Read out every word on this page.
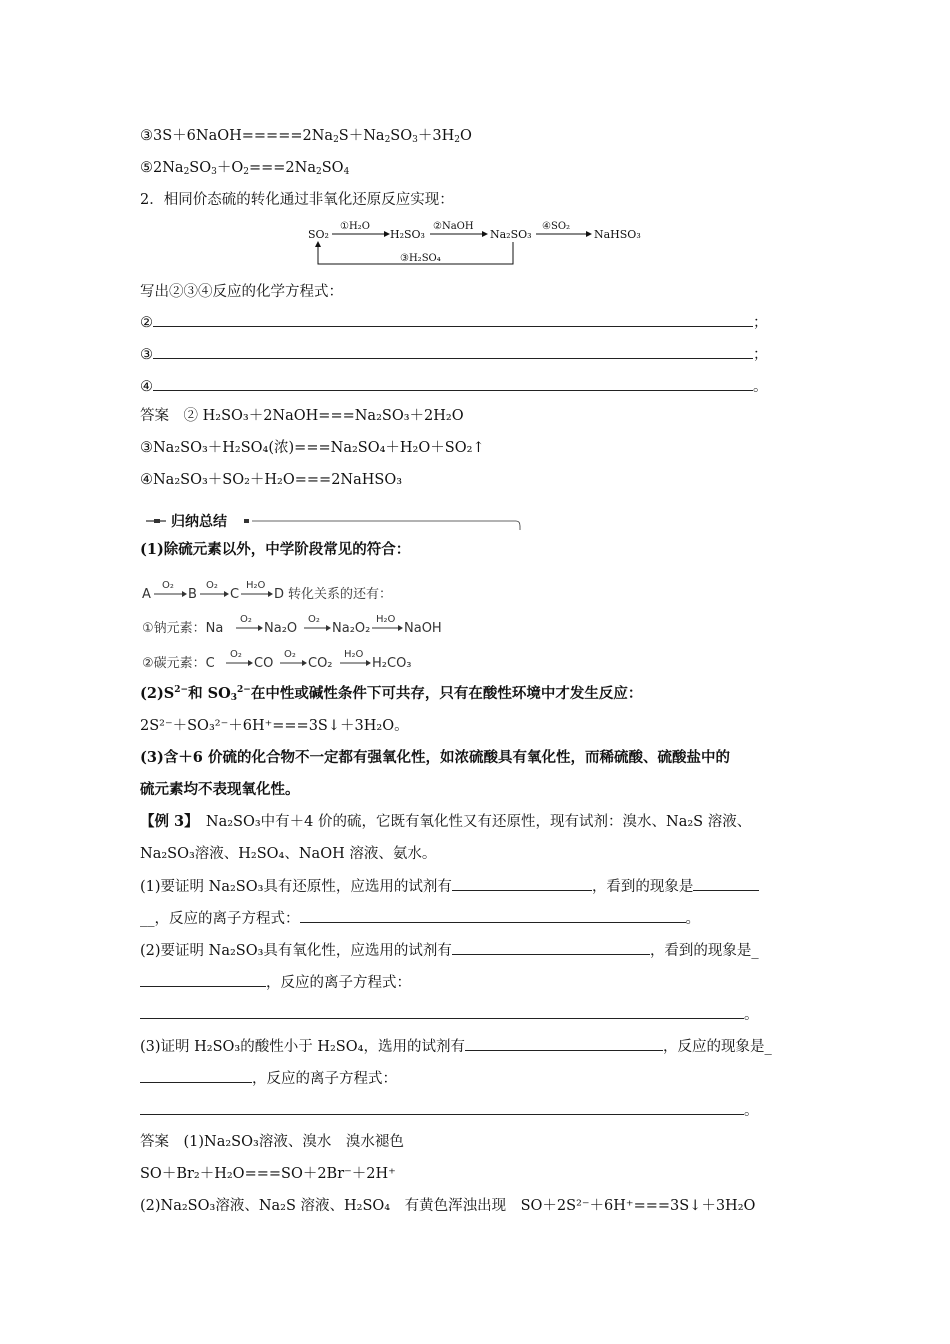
$③3S+6NaOH=====2Na_2S+Na_2SO_3+3H_2O$
$⑤2Na_2SO_3+O_2===2Na_2SO_4$
2．相同价态硫的转化通过非氧化还原反应实现：
SO₂
①H₂O
H₂SO₃
②NaOH
Na₂SO₃
④SO₂
NaHSO₃
③H₂SO₄
写出②③④反应的化学方程式：
②	；
③	；
④	。
答案　 ② H₂SO₃＋2NaOH===Na₂SO₃＋2H₂O
③Na₂SO₃＋H₂SO₄(浓)===Na₂SO₄＋H₂O＋SO₂↑
④Na₂SO₃＋SO₂＋H₂O===2NaHSO₃
归纳总结
(1)除硫元素以外，中学阶段常见的符合：
A
O₂
B
O₂
C
H₂O
D 转化关系的还有：
①钠元素：Na
O₂
Na₂O
O₂
Na₂O₂
H₂O
NaOH
②碳元素：C
O₂
CO
O₂
CO₂
H₂O
H₂CO₃
$(2)S^{2-}$和 $SO_3^{2-}$在中性或碱性条件下可共存，只有在酸性环境中才发生反应：
2S²⁻＋SO₃²⁻＋6H⁺===3S↓＋3H₂O。
(3)含＋6 价硫的化合物不一定都有强氧化性，如浓硫酸具有氧化性，而稀硫酸、硫酸盐中的
硫元素均不表现氧化性。
【例 3】　 Na₂SO₃中有＋4 价的硫，它既有氧化性又有还原性，现有试剂：溴水、Na₂S 溶液、
Na₂SO₃溶液、H₂SO₄、NaOH 溶液、氨水。
(1)要证明 Na₂SO₃具有还原性，应选用的试剂有	，看到的现象是
__，反应的离子方程式：	。
(2)要证明 Na₂SO₃具有氧化性，应选用的试剂有	，看到的现象是_
，反应的离子方程式：
。
(3)证明 H₂SO₃的酸性小于 H₂SO₄，选用的试剂有	，反应的现象是_
，反应的离子方程式：
。
答案　 (1)Na₂SO₃溶液、溴水　溴水褪色
SO＋Br₂＋H₂O===SO＋2Br⁻＋2H⁺
(2)Na₂SO₃溶液、Na₂S 溶液、H₂SO₄　有黄色浑浊出现　SO＋2S²⁻＋6H⁺===3S↓＋3H₂O
